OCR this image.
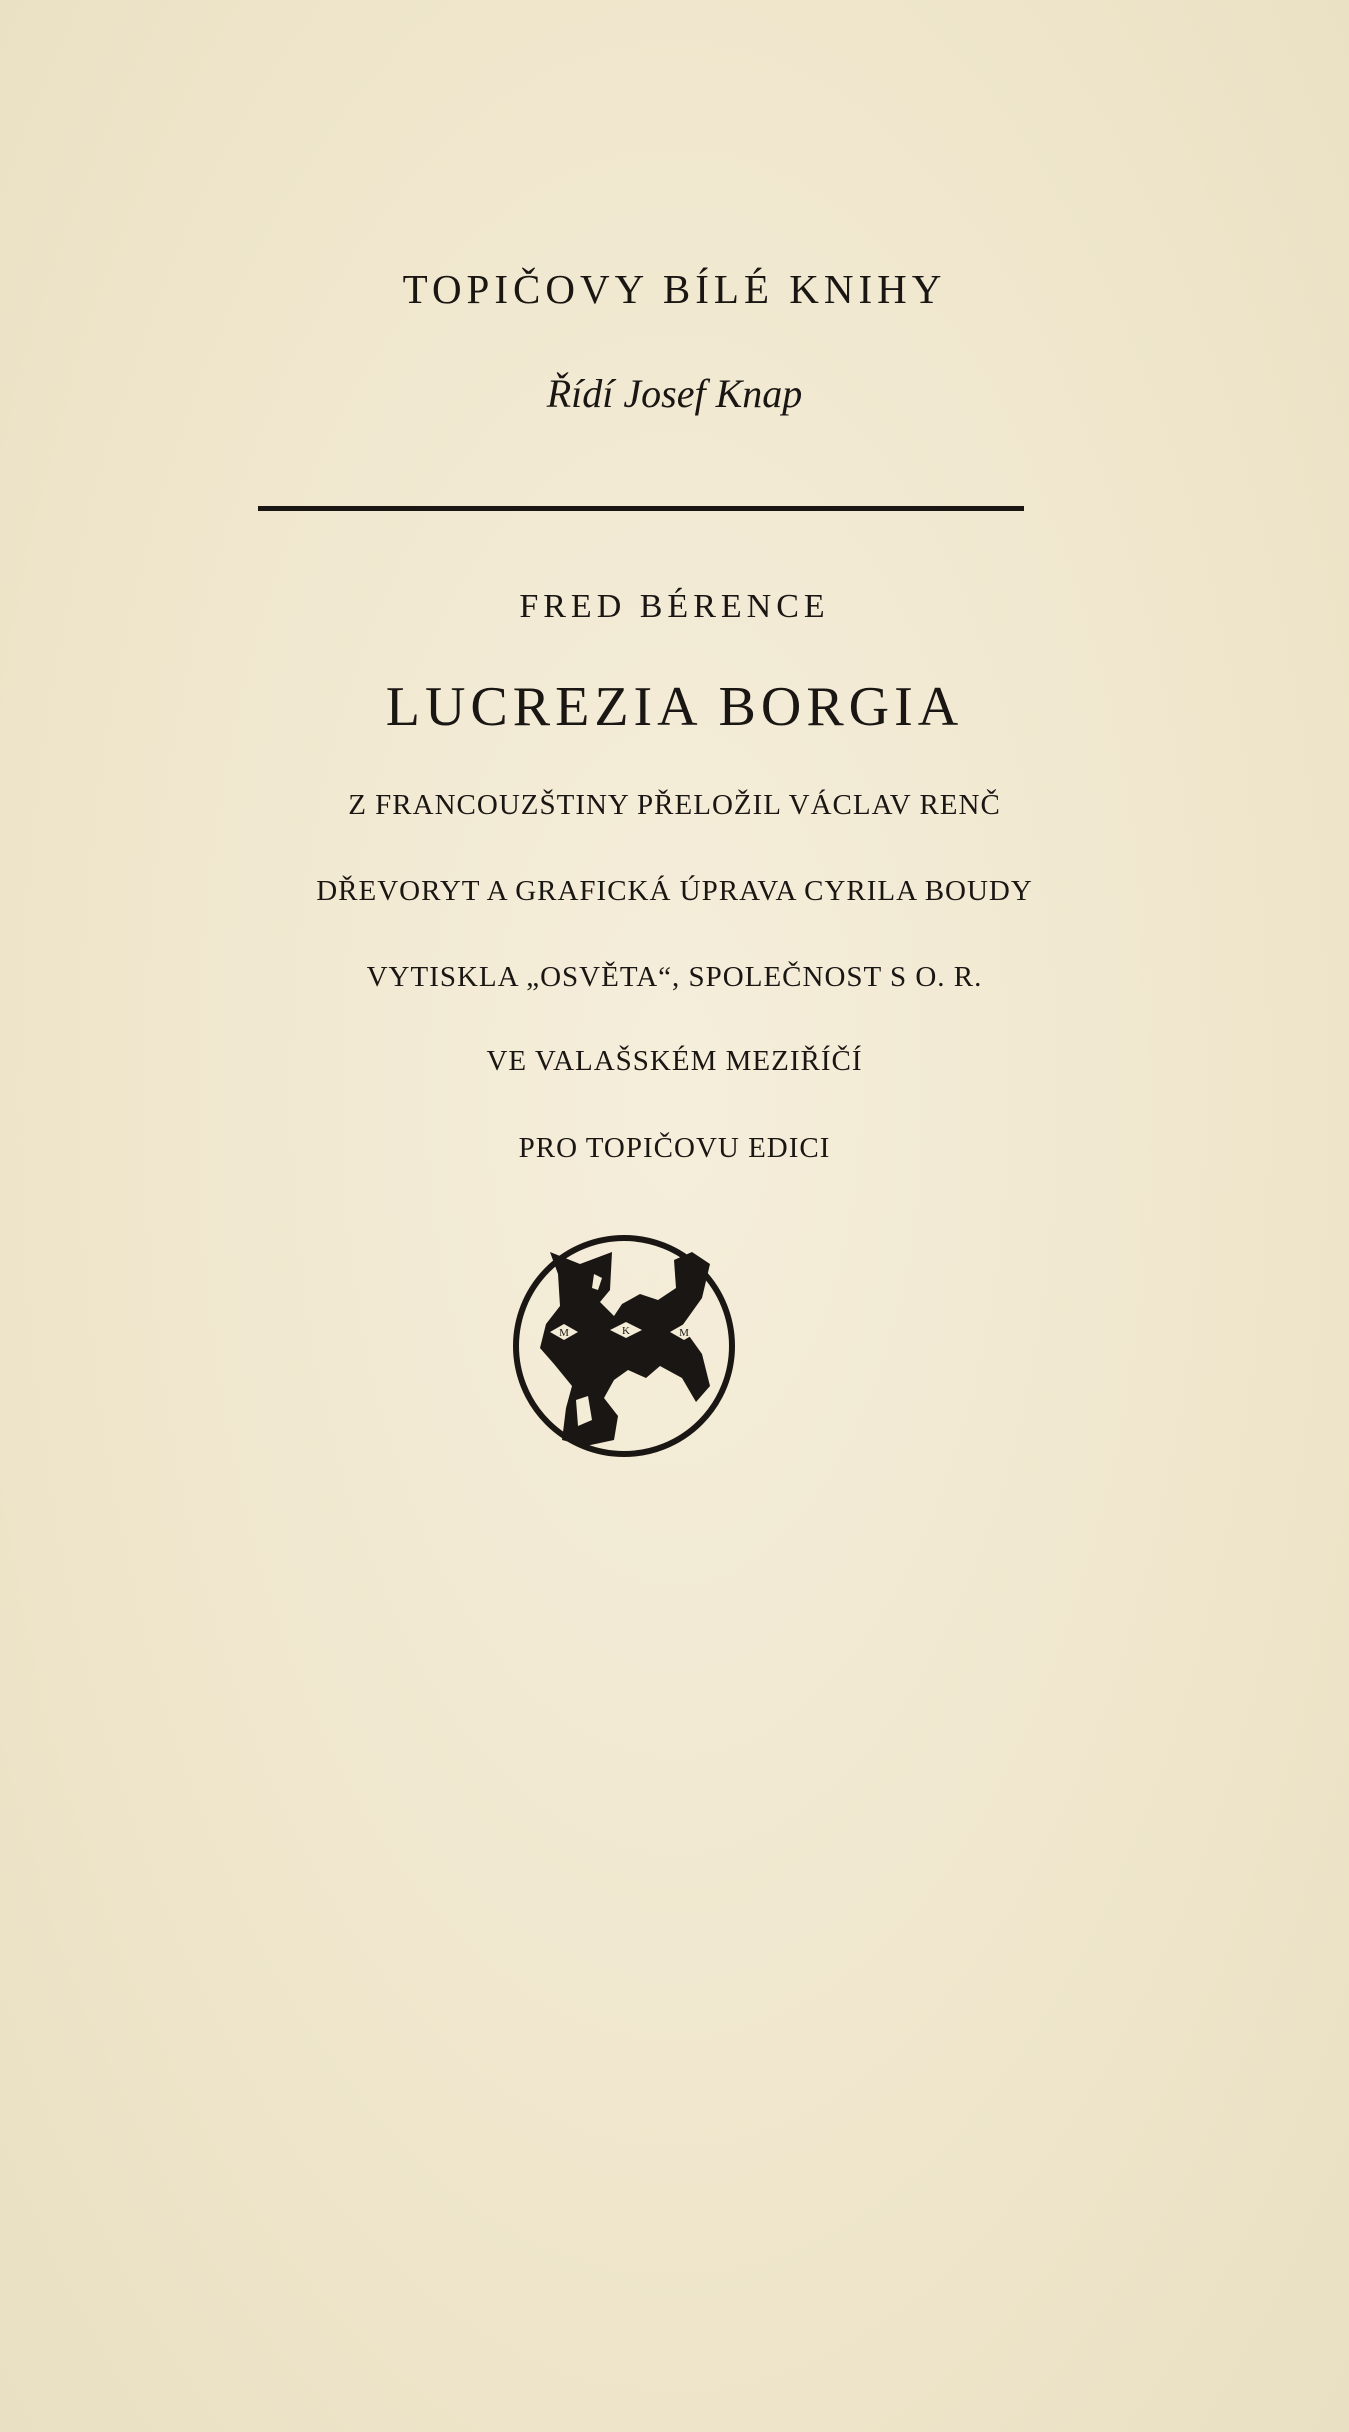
TOPIČOVY BÍLÉ KNIHY

Řídí Josef Knap

FRED BÉRENCE

LUCREZIA BORGIA

Z FRANCOUZŠTINY PŘELOŽIL VÁCLAV RENČ

DŘEVORYT A GRAFICKÁ ÚPRAVA CYRILA BOUDY

VYTISKLA „OSVĚTA“, SPOLEČNOST S O. R.

VE VALAŠSKÉM MEZIŘÍČÍ

PRO TOPIČOVU EDICI

M	K	M
